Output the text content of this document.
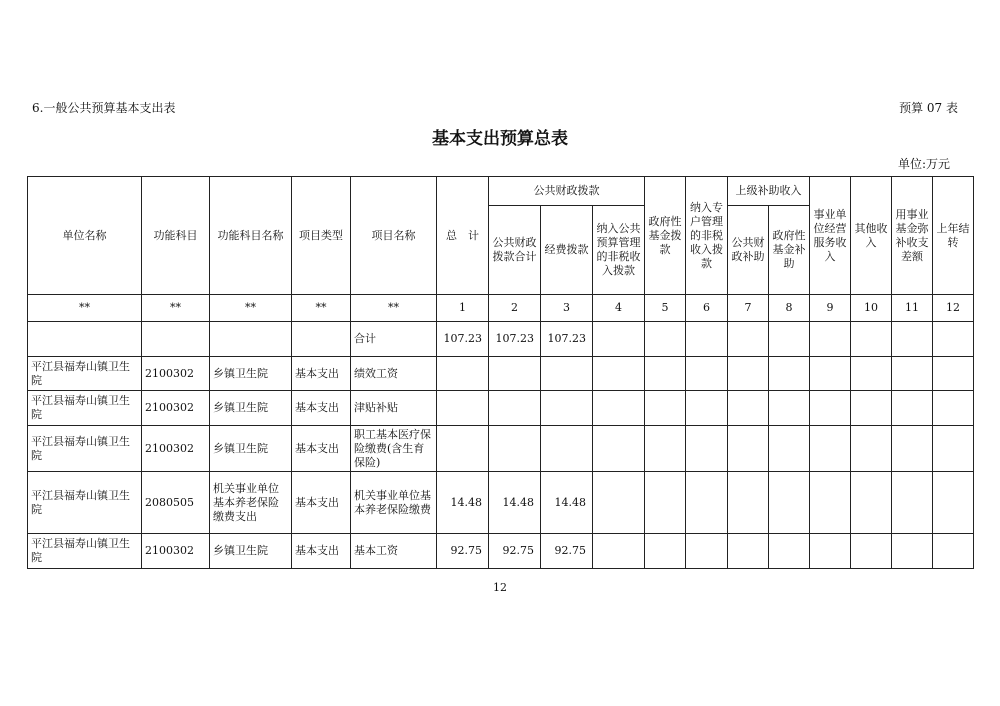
6.一般公共预算基本支出表	预算 07 表
基本支出预算总表
单位:万元
单位名称	功能科目	功能科目名称	项目类型	项目名称	总　计	公共财政拨款			政府性基金拨款	纳入专户管理的非税收入拨款	上级补助收入		事业单位经营服务收入	其他收入	用事业基金弥补收支差额	上年结转
						公共财政拨款合计	经费拨款	纳入公共预算管理的非税收入拨款			公共财政补助	政府性基金补助				
**	**	**	**	**	1	2	3	4	5	6	7	8	9	10	11	12
				合计	107.23	107.23	107.23									
平江县福寿山镇卫生院	2100302	乡镇卫生院	基本支出	绩效工资												
平江县福寿山镇卫生院	2100302	乡镇卫生院	基本支出	津贴补贴												
平江县福寿山镇卫生院	2100302	乡镇卫生院	基本支出	职工基本医疗保险缴费(含生育保险)												
平江县福寿山镇卫生院	2080505	机关事业单位基本养老保险缴费支出	基本支出	机关事业单位基本养老保险缴费	14.48	14.48	14.48									
平江县福寿山镇卫生院	2100302	乡镇卫生院	基本支出	基本工资	92.75	92.75	92.75									
12
